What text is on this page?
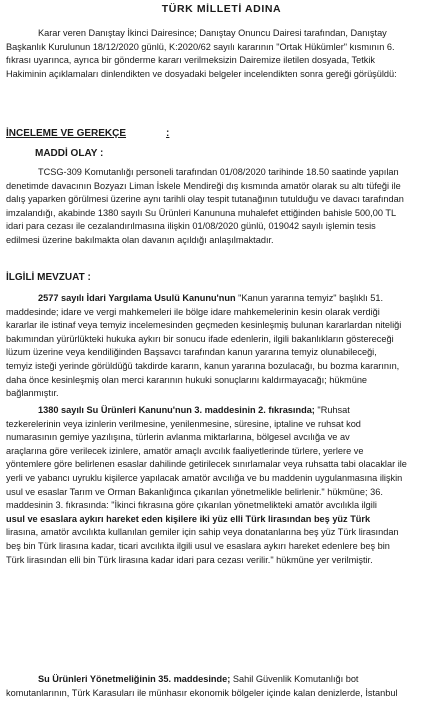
TÜRK MİLLETİ ADINA
Karar veren Danıştay İkinci Dairesince; Danıştay Onuncu Dairesi tarafından, Danıştay
Başkanlık Kurulunun 18/12/2020 günlü, K:2020/62 sayılı kararının "Ortak Hükümler" kısmının 6.
fıkrası uyarınca, ayrıca bir gönderme kararı verilmeksizin Dairemize iletilen dosyada, Tetkik
Hakiminin açıklamaları dinlendikten ve dosyadaki belgeler incelendikten sonra gereği görüşüldü:
İNCELEME VE GEREKÇE	:
MADDİ OLAY :
TCSG-309 Komutanlığı personeli tarafından 01/08/2020 tarihinde 18.50 saatinde yapılan
denetimde davacının Bozyazı Liman İskele Mendireği dış kısmında amatör olarak su altı tüfeği ile
dalış yaparken görülmesi üzerine aynı tarihli olay tespit tutanağının tutulduğu ve davacı tarafından
imzalandığı, akabinde 1380 sayılı Su Ürünleri Kanununa muhalefet ettiğinden bahisle 500,00 TL
idari para cezası ile cezalandırılmasına ilişkin 01/08/2020 günlü, 019042 sayılı işlemin tesis
edilmesi üzerine bakılmakta olan davanın açıldığı anlaşılmaktadır.
İLGİLİ MEVZUAT :
2577 sayılı İdari Yargılama Usulü Kanunu'nun "Kanun yararına temyiz" başlıklı 51.
maddesinde; idare ve vergi mahkemeleri ile bölge idare mahkemelerinin kesin olarak verdiği
kararlar ile istinaf veya temyiz incelemesinden geçmeden kesinleşmiş bulunan kararlardan niteliği
bakımından yürürlükteki hukuka aykırı bir sonucu ifade edenlerin, ilgili bakanlıkların göstereceği
lüzum üzerine veya kendiliğinden Başsavcı tarafından kanun yararına temyiz olunabileceği,
temyiz isteği yerinde görüldüğü takdirde kararın, kanun yararına bozulacağı, bu bozma kararının,
daha önce kesinleşmiş olan merci kararının hukuki sonuçlarını kaldırmayacağı; hükmüne
bağlanmıştır.
1380 sayılı Su Ürünleri Kanunu'nun 3. maddesinin 2. fıkrasında; "Ruhsat
tezkerelerinin veya izinlerin verilmesine, yenilenmesine, süresine, iptaline ve ruhsat kod
numarasının gemiye yazılışına, türlerin avlanma miktarlarına, bölgesel avcılığa ve av
araçlarına göre verilecek izinlere, amatör amaçlı avcılık faaliyetlerinde türlere, yerlere ve
yöntemlere göre belirlenen esaslar dahilinde getirilecek sınırlamalar veya ruhsatta tabi olacaklar ile
yerli ve yabancı uyruklu kişilerce yapılacak amatör avcılığa ve bu maddenin uygulanmasına ilişkin
usul ve esaslar Tarım ve Orman Bakanlığınca çıkarılan yönetmelikle belirlenir." hükmüne; 36.
maddesinin 3. fıkrasında: "İkinci fıkrasına göre çıkarılan yönetmelikteki amatör avcılıkla ilgili
usul ve esaslara aykırı hareket eden kişilere iki yüz elli Türk lirasından beş yüz Türk
lirasına, amatör avcılıkta kullanılan gemiler için sahip veya donatanlarına beş yüz Türk lirasından
beş bin Türk lirasına kadar, ticari avcılıkta ilgili usul ve esaslara aykırı hareket edenlere beş bin
Türk lirasından elli bin Türk lirasına kadar idari para cezası verilir." hükmüne yer verilmiştir.
Su Ürünleri Yönetmeliğinin 35. maddesinde; Sahil Güvenlik Komutanlığı bot
komutanlarının, Türk Karasuları ile münhasır ekonomik bölgeler içinde kalan denizlerde, İstanbul
